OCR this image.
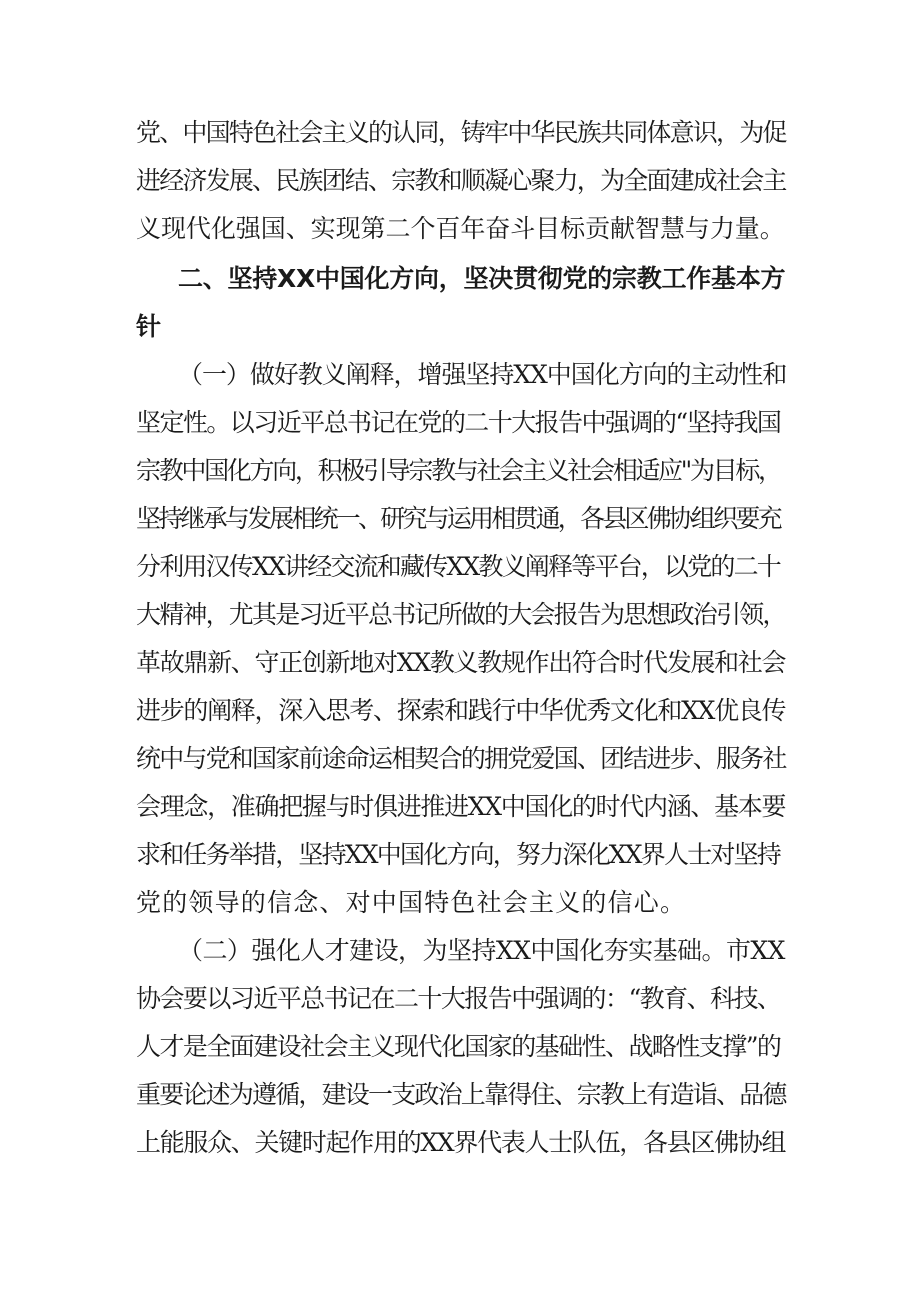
党、中国特色社会主义的认同，铸牢中华民族共同体意识，为促
进经济发展、民族团结、宗教和顺凝心聚力，为全面建成社会主
义现代化强国、实现第二个百年奋斗目标贡献智慧与力量。
二、坚持XX中国化方向，坚决贯彻党的宗教工作基本方
针
（一）做好教义阐释，增强坚持XX中国化方向的主动性和
坚定性。以习近平总书记在党的二十大报告中强调的“坚持我国
宗教中国化方向，积极引导宗教与社会主义社会相适应''为目标，
坚持继承与发展相统一、研究与运用相贯通，各县区佛协组织要充
分利用汉传XX讲经交流和藏传XX教义阐释等平台，以党的二十
大精神，尤其是习近平总书记所做的大会报告为思想政治引领，
革故鼎新、守正创新地对XX教义教规作出符合时代发展和社会
进步的阐释，深入思考、探索和践行中华优秀文化和XX优良传
统中与党和国家前途命运相契合的拥党爱国、团结进步、服务社
会理念，准确把握与时俱进推进XX中国化的时代内涵、基本要
求和任务举措，坚持XX中国化方向，努力深化XX界人士对坚持
党的领导的信念、对中国特色社会主义的信心。
（二）强化人才建设，为坚持XX中国化夯实基础。市XX
协会要以习近平总书记在二十大报告中强调的：“教育、科技、
人才是全面建设社会主义现代化国家的基础性、战略性支撑”的
重要论述为遵循，建设一支政治上靠得住、宗教上有造诣、品德
上能服众、关键时起作用的XX界代表人士队伍，各县区佛协组
